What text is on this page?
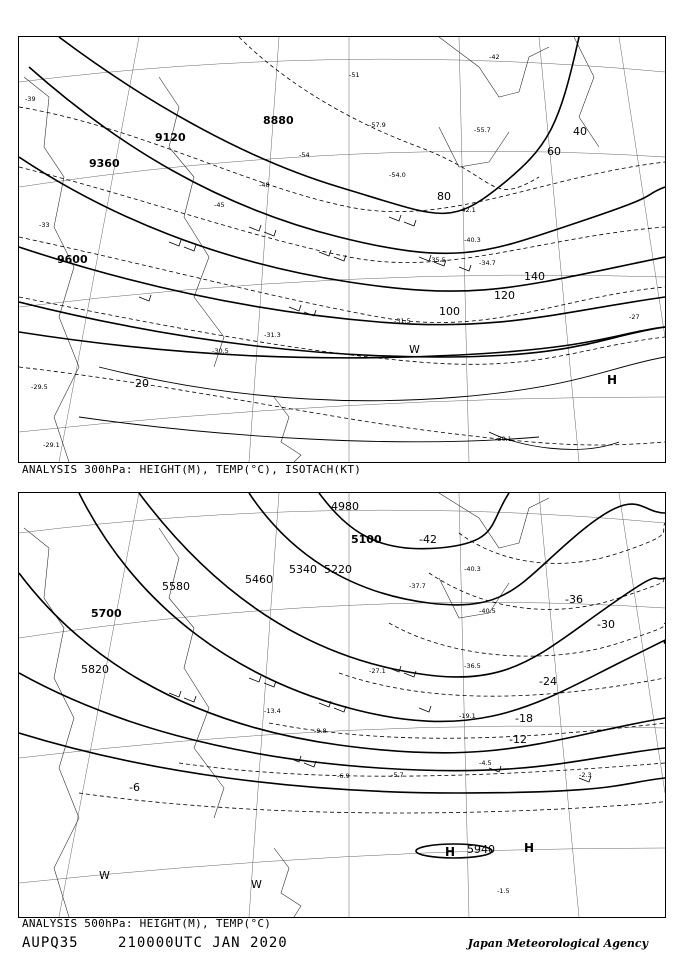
8880
9120
9360
9600
20
40
60
80
100
120
140
H
W
-39
-42
-45
-48
-51
-54
-55.7
-54.0
-57.9
-42.1
-40.3
-35.5	-34.7
-33
-31.5
-31.3
-30.5
-30.1
-29.5
-29.1
-27
ANALYSIS 300hPa: HEIGHT(M), TEMP(°C), ISOTACH(KT)
4980
5100
5220
5340
5460
5580
5700
5820
5940
-42
-36
-30
-24
-18
-12
-6
-40.3
-40.5
-37.7
-36.5
-27.1
-19.1
-13.4
-9.8
-6.9	-5.7
-4.5
-2.3
-1.5
H	H
W
W
ANALYSIS 500hPa: HEIGHT(M), TEMP(°C)
AUPQ35	210000UTC JAN 2020	Japan Meteorological Agency
